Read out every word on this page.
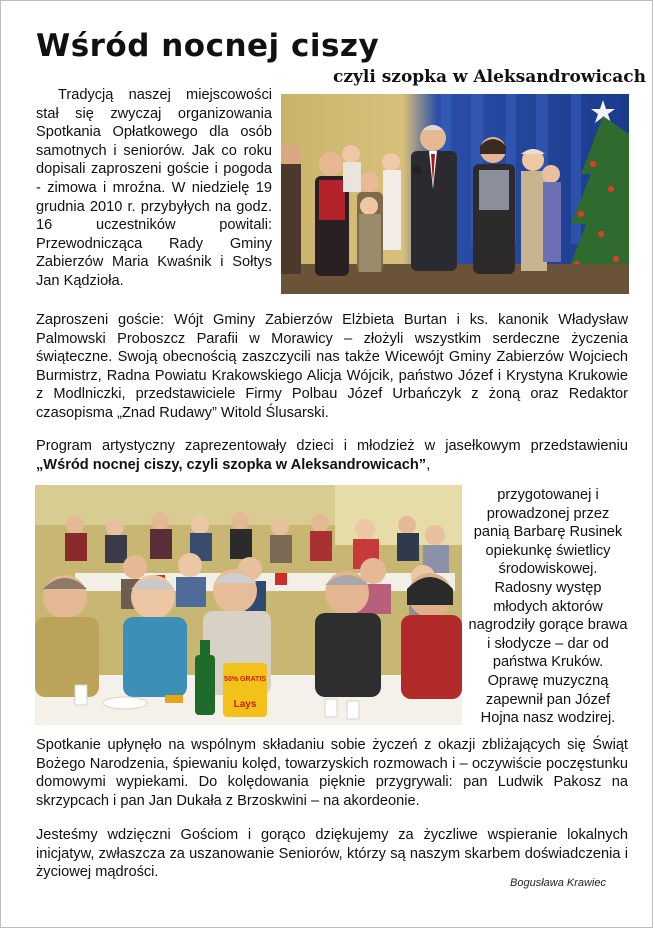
Wśród nocnej ciszy
czyli szopka w Aleksandrowicach

Tradycją naszej miejscowości stał się zwyczaj organizowania Spotkania Opłatkowego dla osób samotnych i seniorów. Jak co roku dopisali zaproszeni goście i pogoda - zimowa i mroźna. W niedzielę 19 grudnia 2010 r. przybyłych na godz. 16 uczestników powitali: Przewodnicząca Rady Gminy Zabierzów Maria Kwaśnik i Sołtys Jan Kądzioła.

Zaproszeni goście: Wójt Gminy Zabierzów Elżbieta Burtan i ks. kanonik Władysław Palmowski Proboszcz Parafii w Morawicy – złożyli wszystkim serdeczne życzenia świąteczne. Swoją obecnością zaszczycili nas także Wicewójt Gminy Zabierzów Wojciech Burmistrz, Radna Powiatu Krakowskiego Alicja Wójcik, państwo Józef i Krystyna Krukowie z Modlniczki, przedstawiciele Firmy Polbau Józef Urbańczyk z żoną oraz Redaktor czasopisma „Znad Rudawy” Witold Ślusarski.

Program artystyczny zaprezentowały dzieci i młodzież w jasełkowym przedstawieniu „Wśród nocnej ciszy, czyli szopka w Aleksandrowicach”,

50% GRATIS
Lays

przygotowanej i prowadzonej przez panią Barbarę Rusinek opiekunkę świetlicy środowiskowej. Radosny występ młodych aktorów nagrodziły gorące brawa i słodycze – dar od państwa Kruków. Oprawę muzyczną zapewnił pan Józef Hojna nasz wodzirej.

Spotkanie upłynęło na wspólnym składaniu sobie życzeń z okazji zbliżających się Świąt Bożego Narodzenia, śpiewaniu kolęd, towarzyskich rozmowach i – oczywiście poczęstunku domowymi wypiekami. Do kolędowania pięknie przygrywali: pan Ludwik Pakosz na skrzypcach i pan Jan Dukała z Brzoskwini – na akordeonie.

Jesteśmy wdzięczni Gościom i gorąco dziękujemy za życzliwe wspieranie lokalnych inicjatyw, zwłaszcza za uszanowanie Seniorów, którzy są naszym skarbem doświadczenia i życiowej mądrości.

Bogusława Krawiec
